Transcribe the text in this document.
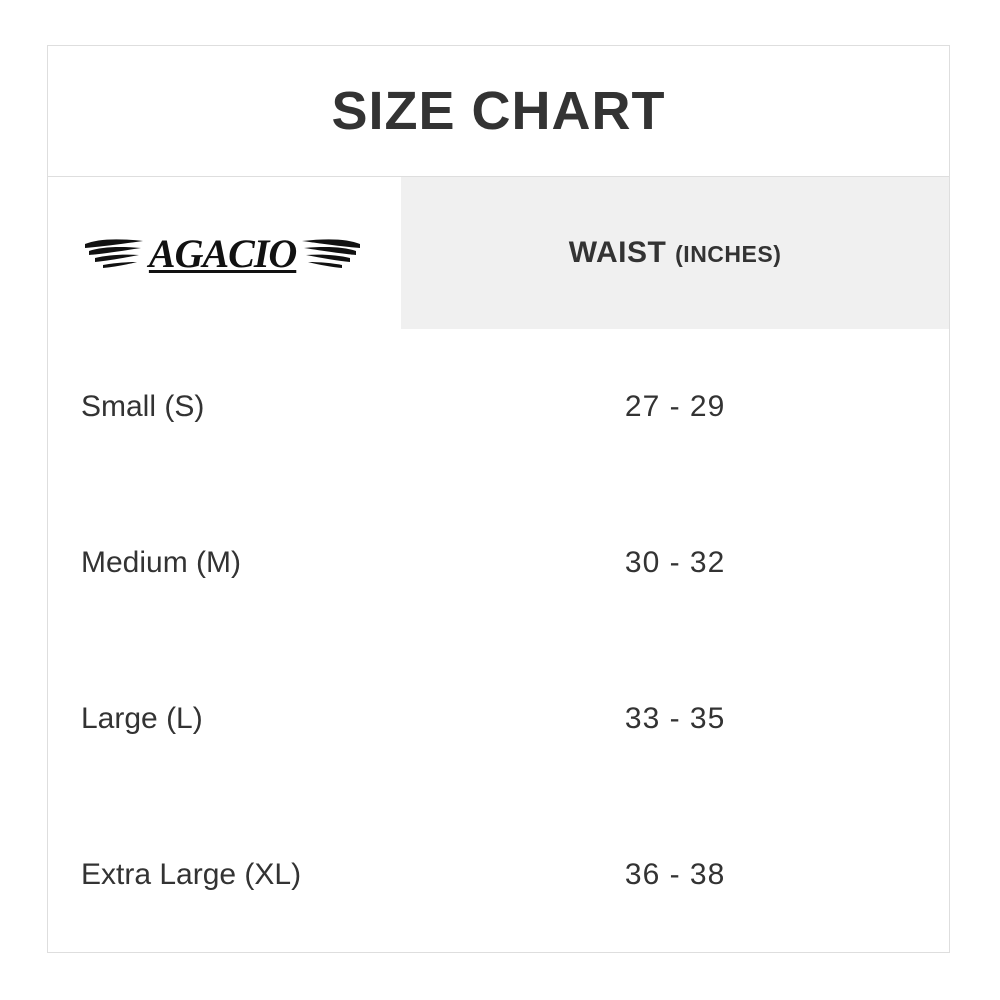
SIZE CHART
AGACIO	WAIST (INCHES)
Small (S)	27 - 29
Medium (M)	30 - 32
Large (L)	33 - 35
Extra Large (XL)	36 - 38
